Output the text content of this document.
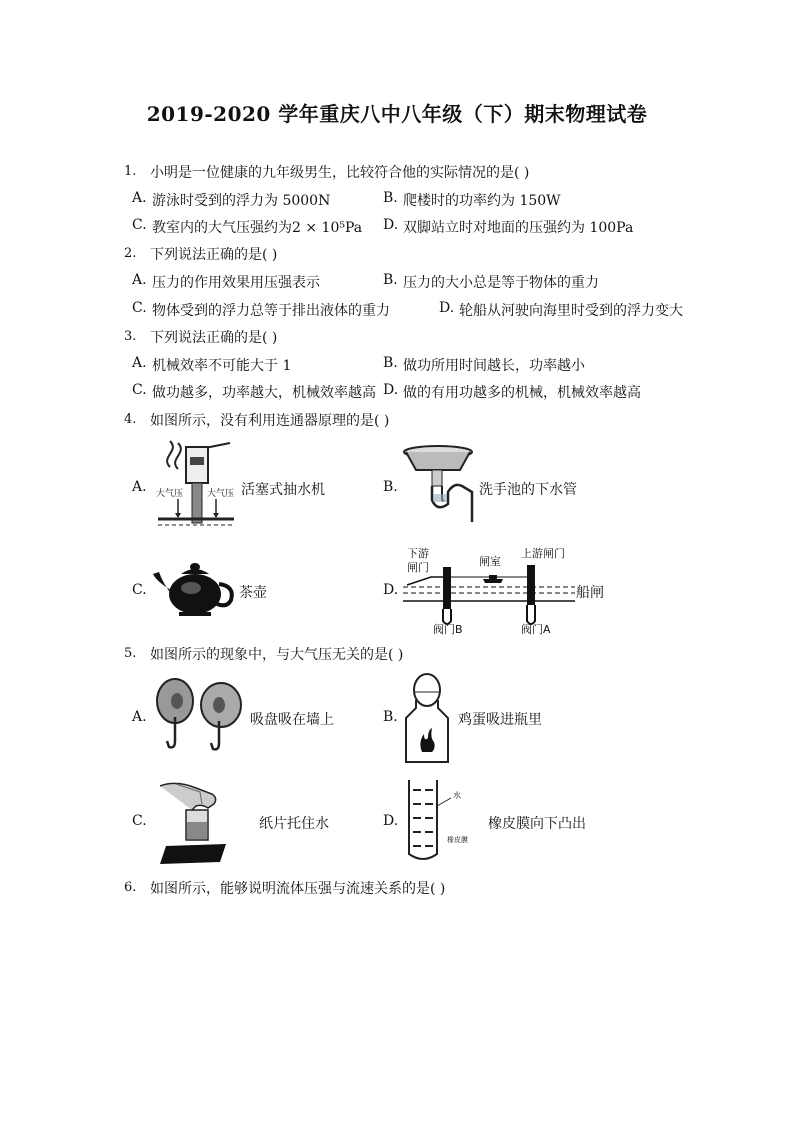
2019-2020 学年重庆八中八年级（下）期末物理试卷
1. 小明是一位健康的九年级男生，比较符合他的实际情况的是( )
A. 游泳时受到的浮力为 5000N	B. 爬楼时的功率约为 150W
C. 教室内的大气压强约为2 × 10⁵Pa D. 双脚站立时对地面的压强约为 100Pa
2. 下列说法正确的是( )
A. 压力的作用效果用压强表示	B. 压力的大小总是等于物体的重力
C. 物体受到的浮力总等于排出液体的重力	D. 轮船从河驶向海里时受到的浮力变大
3. 下列说法正确的是( )
A. 机械效率不可能大于 1	B. 做功所用时间越长，功率越小
C. 做功越多，功率越大，机械效率越高 D. 做的有用功越多的机械，机械效率越高
4. 如图所示，没有利用连通器原理的是( )
A. 大气压	大气压 活塞式抽水机	B.	洗手池的下水管
C.	茶壶	D.
下游
闸门	闸室
上游闸门
阀门B	阀门A
船闸
5. 如图所示的现象中，与大气压无关的是( )
A.	吸盘吸在墙上	B.	鸡蛋吸进瓶里
C.	纸片托住水	D.
水
橡皮膜
橡皮膜向下凸出
6. 如图所示，能够说明流体压强与流速关系的是( )
